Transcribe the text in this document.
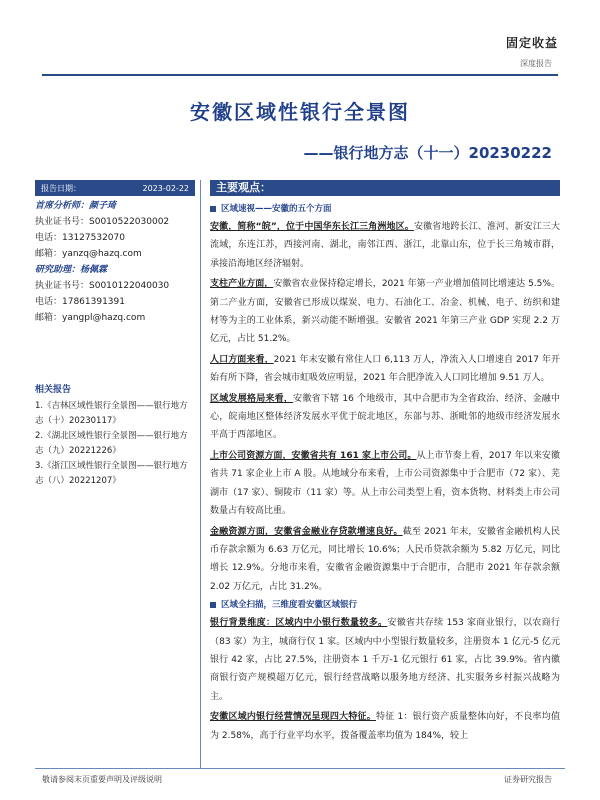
固定收益
深度报告
安徽区域性银行全景图
——银行地方志（十一）20230222
报告日期：	2023-02-22
首席分析师：颜子琦
执业证书号：S0010522030002
电话：13127532070
邮箱：yanzq@hazq.com
研究助理：杨佩霖
执业证书号：S0010122040030
电话：17861391391
邮箱：yangpl@hazq.com
相关报告
1.《吉林区域性银行全景图——银行地方志（十）20230117》
2.《湖北区域性银行全景图——银行地方志（九）20221226》
3.《浙江区域性银行全景图——银行地方志（八）20221207》
主要观点：
区域速视——安徽的五个方面
安徽，简称“皖”，位于中国华东长江三角洲地区。安徽省地跨长江、淮河、新安江三大流域，东连江苏，西接河南、湖北，南邻江西、浙江，北靠山东，位于长三角城市群，承接沿海地区经济辐射。
支柱产业方面，安徽省农业保持稳定增长，2021 年第一产业增加值同比增速达 5.5%。第二产业方面，安徽省已形成以煤炭、电力、石油化工、冶金、机械、电子、纺织和建材等为主的工业体系，新兴动能不断增强。安徽省 2021 年第三产业 GDP 实现 2.2 万亿元，占比 51.2%。
人口方面来看，2021 年末安徽有常住人口 6,113 万人，净流入人口增速自 2017 年开始有所下降，省会城市虹吸效应明显，2021 年合肥净流入人口同比增加 9.51 万人。
区域发展格局来看，安徽省下辖 16 个地级市，其中合肥市为全省政治、经济、金融中心，皖南地区整体经济发展水平优于皖北地区，东部与苏、浙毗邻的地级市经济发展水平高于西部地区。
上市公司资源方面，安徽省共有 161 家上市公司。从上市节奏上看，2017 年以来安徽省共 71 家企业上市 A 股。从地域分布来看，上市公司资源集中于合肥市（72 家）、芜湖市（17 家）、铜陵市（11 家）等。从上市公司类型上看，资本货物、材料类上市公司数量占有较高比重。
金融资源方面，安徽省金融业存贷款增速良好。截至 2021 年末，安徽省金融机构人民币存款余额为 6.63 万亿元，同比增长 10.6%；人民币贷款余额为 5.82 万亿元，同比增长 12.9%。分地市来看，安徽省金融资源集中于合肥市，合肥市 2021 年存款余额 2.02 万亿元，占比 31.2%。
区域全扫描，三维度看安徽区域银行
银行背景维度：区域内中小银行数量较多。安徽省共存续 153 家商业银行，以农商行（83 家）为主，城商行仅 1 家。区域内中小型银行数量较多，注册资本 1 亿元-5 亿元银行 42 家，占比 27.5%，注册资本 1 千万-1 亿元银行 61 家，占比 39.9%。省内徽商银行资产规模超万亿元，银行经营战略以服务地方经济、扎实服务乡村振兴战略为主。
安徽区域内银行经营情况呈现四大特征。特征 1：银行资产质量整体向好，不良率均值为 2.58%，高于行业平均水平，拨备覆盖率均值为 184%，较上
敬请参阅末页重要声明及评级说明	证券研究报告
